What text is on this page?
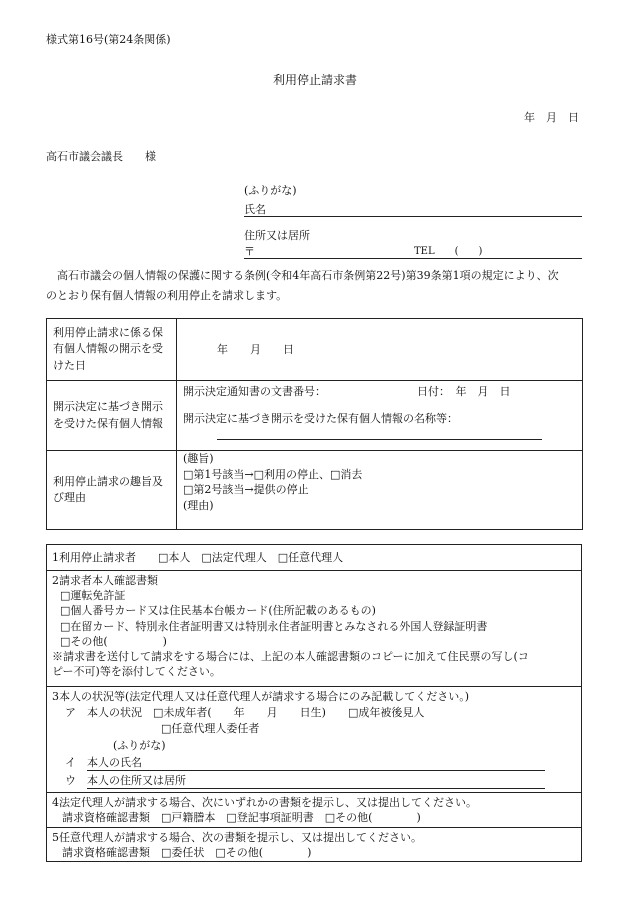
様式第16号(第24条関係)
利用停止請求書
年　月　日
高石市議会議長　　様
(ふりがな)
氏名
住所又は居所
〒	TEL　　(　　)
　高石市議会の個人情報の保護に関する条例(令和4年高石市条例第22号)第39条第1項の規定により、次
のとおり保有個人情報の利用停止を請求します。
利用停止請求に係る保有個人情報の開示を受けた日	年　　月　　日
開示決定に基づき開示を受けた保有個人情報	開示決定通知書の文書番号： 日付：　年　月　日
開示決定に基づき開示を受けた保有個人情報の名称等：

利用停止請求の趣旨及び理由	(趣旨)
□第1号該当→□利用の停止、□消去
□第2号該当→提供の停止
(理由)
1利用停止請求者　　□本人　□法定代理人　□任意代理人
2請求者本人確認書類
□運転免許証
□個人番号カード又は住民基本台帳カード(住所記載のあるもの)
□在留カード、特別永住者証明書又は特別永住者証明書とみなされる外国人登録証明書
□その他(　　　　　)
※請求書を送付して請求をする場合には、上記の本人確認書類のコピーに加えて住民票の写し(コ
ピー不可)等を添付してください。
3本人の状況等(法定代理人又は任意代理人が請求する場合にのみ記載してください。)
ア　本人の状況　□未成年者(　　年　　月　　日生)　　□成年被後見人
□任意代理人委任者
(ふりがな)
イ　本人の氏名
ウ　本人の住所又は居所
4法定代理人が請求する場合、次にいずれかの書類を提示し、又は提出してください。
請求資格確認書類　□戸籍謄本　□登記事項証明書　□その他(　　　　)
5任意代理人が請求する場合、次の書類を提示し、又は提出してください。
請求資格確認書類　□委任状　□その他(　　　　)
